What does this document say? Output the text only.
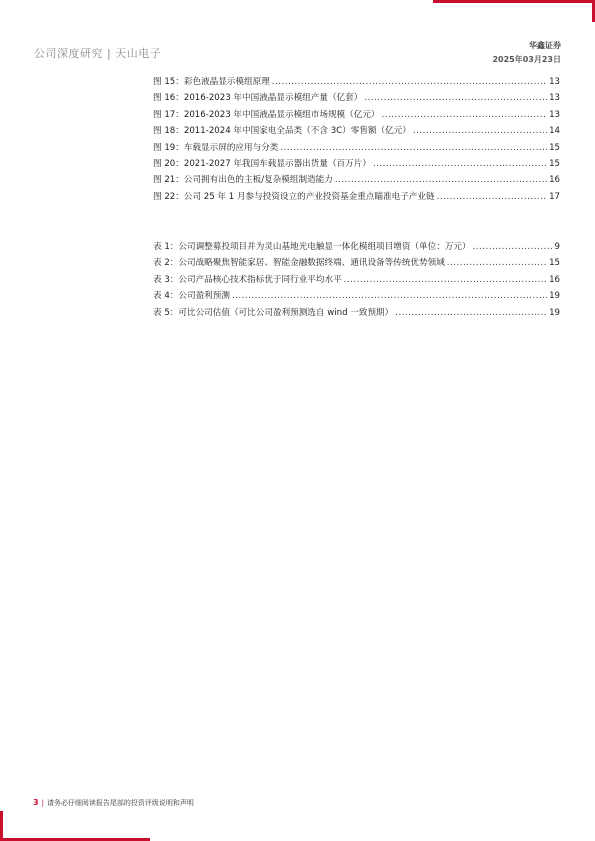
公司深度研究 | 天山电子
华鑫证券
2025年03月23日
图 15：彩色液晶显示模组原理 .....	13
图 16：2016-2023 年中国液晶显示模组产量（亿套） .....	13
图 17：2016-2023 年中国液晶显示模组市场规模（亿元） .....	13
图 18：2011-2024 年中国家电全品类（不含 3C）零售额（亿元） .....	14
图 19：车载显示屏的应用与分类 .....	15
图 20：2021-2027 年我国车载显示器出货量（百万片） .....	15
图 21：公司拥有出色的主板/复杂模组制造能力 .....	16
图 22：公司 25 年 1 月参与投资设立的产业投资基金重点瞄准电子产业链 .....	17
表 1：公司调整募投项目并为灵山基地光电触显一体化模组项目增资（单位：万元） .....	9
表 2：公司战略聚焦智能家居、智能金融数据终端、通讯设备等传统优势领域 .....	15
表 3：公司产品核心技术指标优于同行业平均水平 .....	16
表 4：公司盈利预测 .....	19
表 5：可比公司估值（可比公司盈利预测选自 wind 一致预期） .....	19
3 | 请务必仔细阅读报告尾部的投资评级说明和声明
